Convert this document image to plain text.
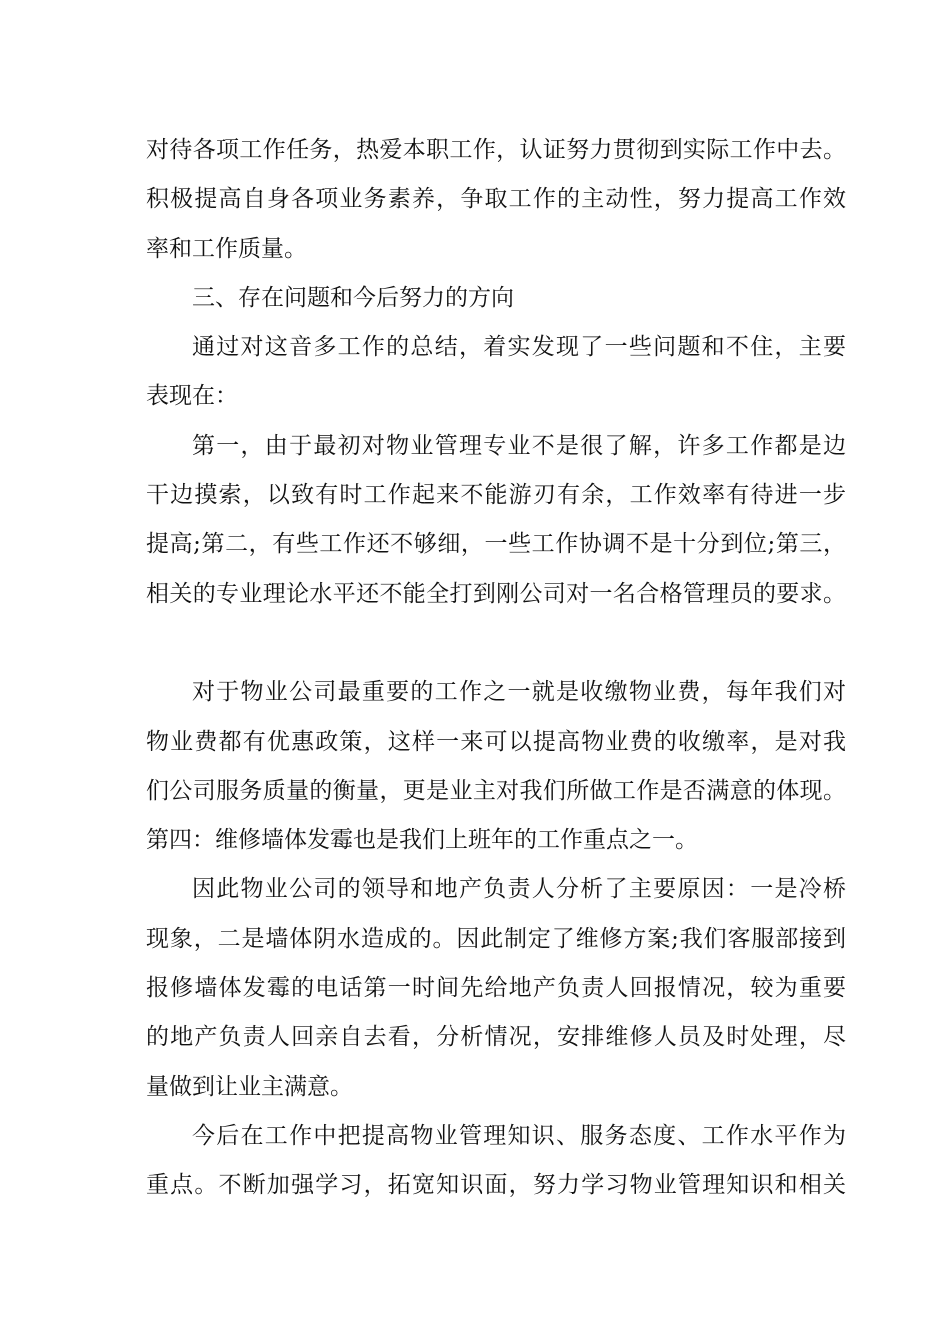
对待各项工作任务，热爱本职工作，认证努力贯彻到实际工作中去。
积极提高自身各项业务素养，争取工作的主动性，努力提高工作效
率和工作质量。
三、存在问题和今后努力的方向
通过对这音多工作的总结，着实发现了一些问题和不住，主要
表现在：
第一，由于最初对物业管理专业不是很了解，许多工作都是边
干边摸索，以致有时工作起来不能游刃有余，工作效率有待进一步
提高;第二，有些工作还不够细，一些工作协调不是十分到位;第三，
相关的专业理论水平还不能全打到刚公司对一名合格管理员的要求。
对于物业公司最重要的工作之一就是收缴物业费，每年我们对
物业费都有优惠政策，这样一来可以提高物业费的收缴率，是对我
们公司服务质量的衡量，更是业主对我们所做工作是否满意的体现。
第四：维修墙体发霉也是我们上班年的工作重点之一。
因此物业公司的领导和地产负责人分析了主要原因：一是冷桥
现象，二是墙体阴水造成的。因此制定了维修方案;我们客服部接到
报修墙体发霉的电话第一时间先给地产负责人回报情况，较为重要
的地产负责人回亲自去看，分析情况，安排维修人员及时处理，尽
量做到让业主满意。
今后在工作中把提高物业管理知识、服务态度、工作水平作为
重点。不断加强学习，拓宽知识面，努力学习物业管理知识和相关
